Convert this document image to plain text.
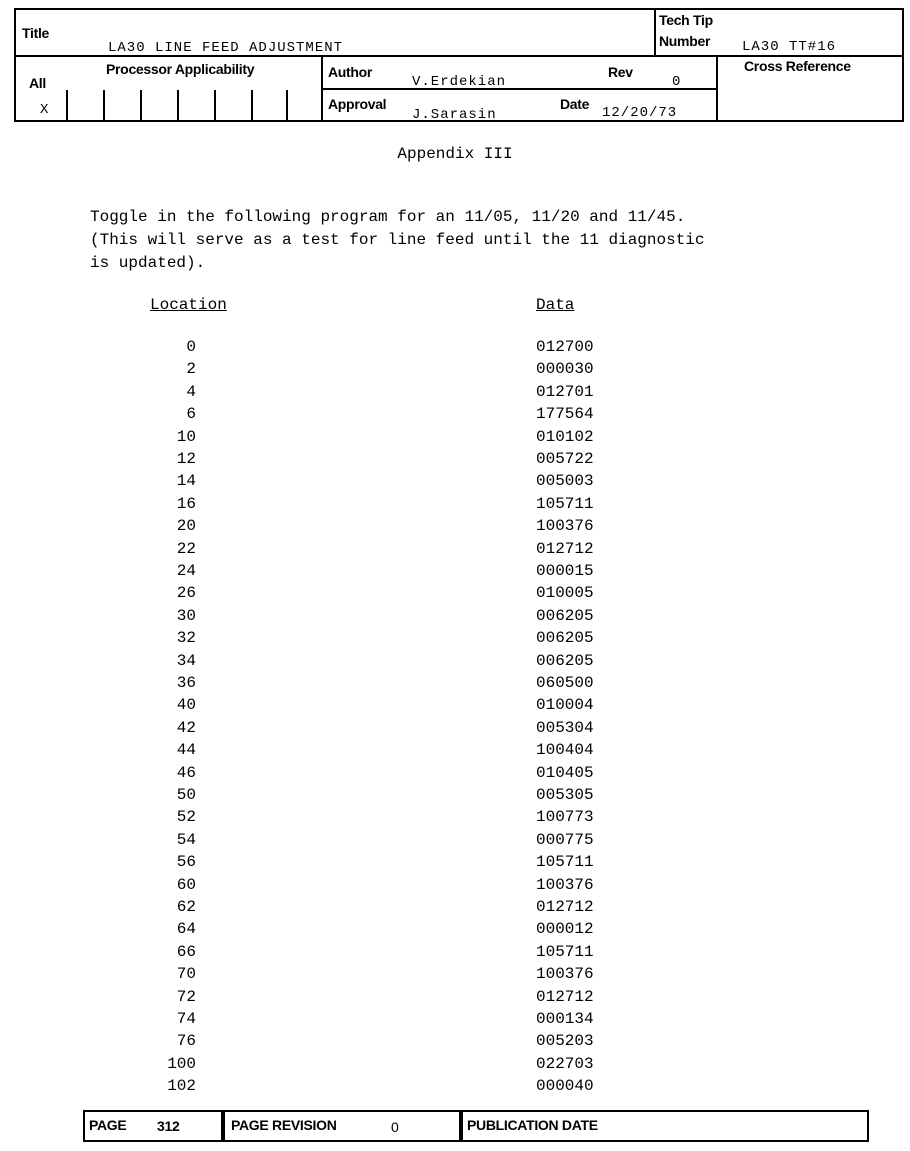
Title
LA30 LINE FEED ADJUSTMENT
Tech Tip
Number LA30 TT#16
All
X
Processor Applicability	Author
V.Erdekian
Rev
0
Cross Reference
Approval
J.Sarasin
Date
12/20/73
Appendix III
Toggle in the following program for an 11/05, 11/20 and 11/45.
(This will serve as a test for line feed until the 11 diagnostic
is updated).
Location	Data
0	012700
2	000030
4	012701
6	177564
10	010102
12	005722
14	005003
16	105711
20	100376
22	012712
24	000015
26	010005
30	006205
32	006205
34	006205
36	060500
40	010004
42	005304
44	100404
46	010405
50	005305
52	100773
54	000775
56	105711
60	100376
62	012712
64	000012
66	105711
70	100376
72	012712
74	000134
76	005203
100	022703
102	000040
PAGE 312	PAGE REVISION	0	PUBLICATION DATE
